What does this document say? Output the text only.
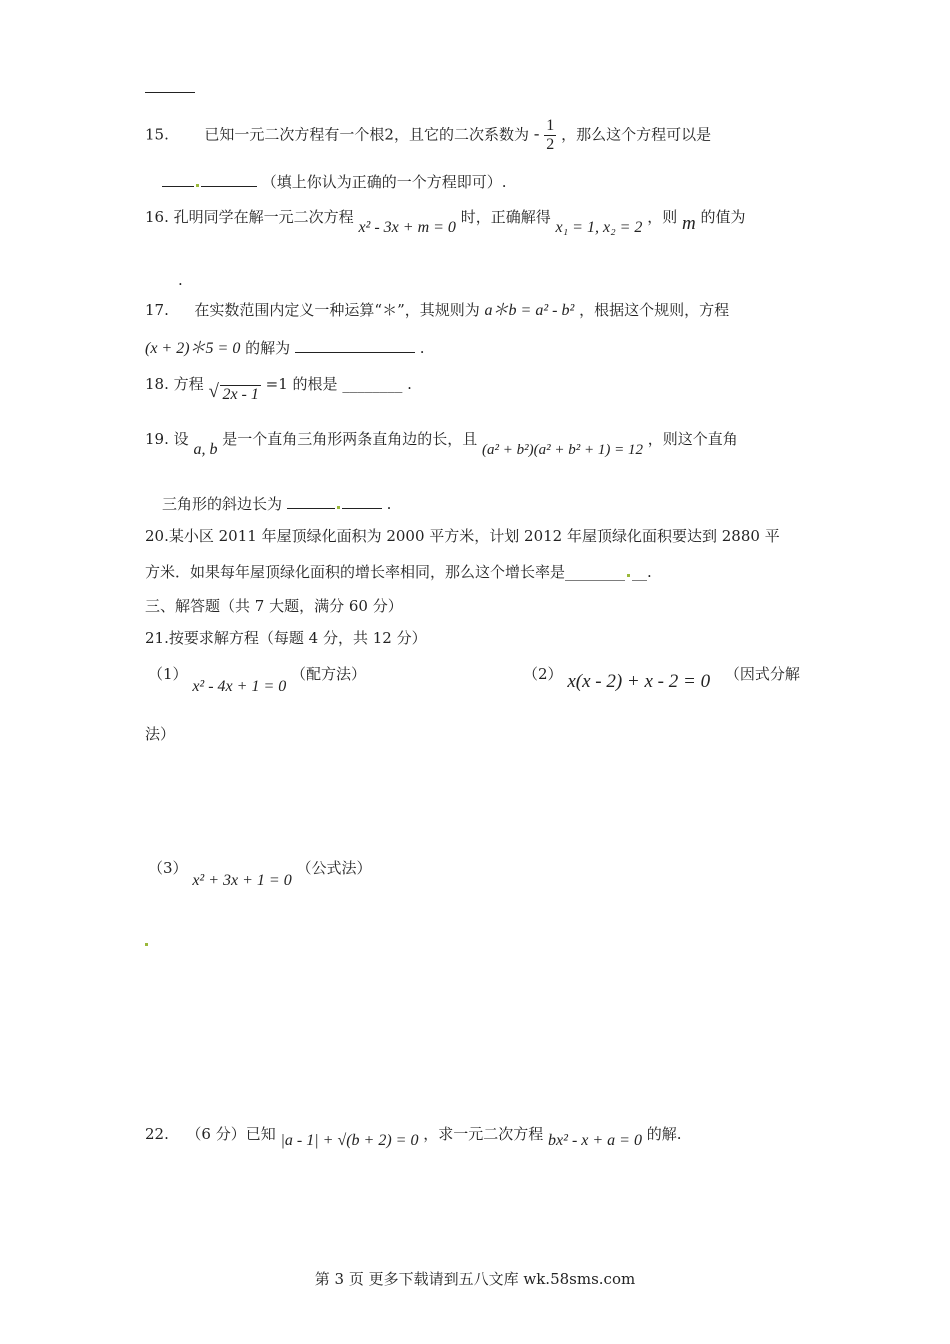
15. 已知一元二次方程有一个根2，且它的二次系数为 - $\frac{1}{2}$ ，那么这个方程可以是
（填上你认为正确的一个方程即可）.
16. 孔明同学在解一元二次方程 x² - 3x + m = 0 时，正确解得 x₁ = 1, x₂ = 2 ，则 m 的值为
.
17. 在实数范围内定义一种运算“＊”，其规则为 a＊b = a² - b² ，根据这个规则，方程
(x + 2)＊5 = 0 的解为	.
18. 方程 √ 2x - 1 =1 的根是 ________ .
19. 设 a, b 是一个直角三角形两条直角边的长，且 (a² + b²)(a² + b² + 1) = 12 ，则这个直角
三角形的斜边长为	.
20.某小区 2011 年屋顶绿化面积为 2000 平方米，计划 2012 年屋顶绿化面积要达到 2880 平
方米．如果每年屋顶绿化面积的增长率相同，那么这个增长率是________ __.
三、解答题（共 7 大题，满分 60 分）
21.按要求解方程（每题 4 分，共 12 分）
（1） x² - 4x + 1 = 0 （配方法）	（2） x(x - 2) + x - 2 = 0 （因式分解
法）
（3） x² + 3x + 1 = 0 （公式法）
22. （6 分）已知 |a - 1| + √(b + 2) = 0 ，求一元二次方程 bx² - x + a = 0 的解.
第 3 页 更多下载请到五八文库 wk.58sms.com
